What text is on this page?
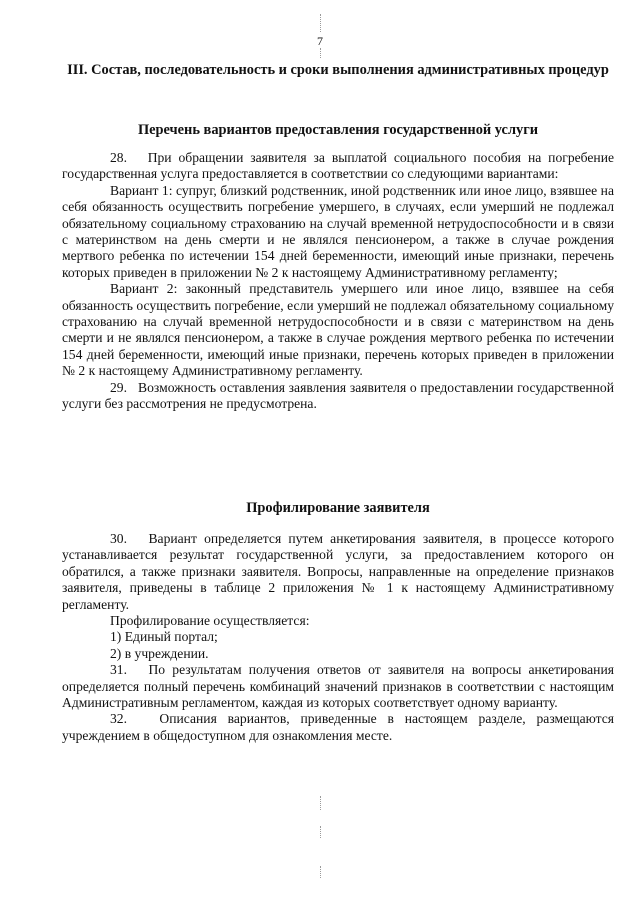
7
III. Состав, последовательность и сроки выполнения административных процедур
Перечень вариантов предоставления государственной услуги

28.   При обращении заявителя за выплатой социального пособия на погребение государственная услуга предоставляется в соответствии со следующими вариантами:

Вариант 1: супруг, близкий родственник, иной родственник или иное лицо, взявшее на себя обязанность осуществить погребение умершего, в случаях, если умерший не подлежал обязательному социальному страхованию на случай временной нетрудоспособности и в связи с материнством на день смерти и не являлся пенсионером, а также в случае рождения мертвого ребенка по истечении 154 дней беременности, имеющий иные признаки, перечень которых приведен в приложении № 2 к настоящему Административному регламенту;

Вариант 2: законный представитель умершего или иное лицо, взявшее на себя обязанность осуществить погребение, если умерший не подлежал обязательному социальному страхованию на случай временной нетрудоспособности и в связи с материнством на день смерти и не являлся пенсионером, а также в случае рождения мертвого ребенка по истечении 154 дней беременности, имеющий иные признаки, перечень которых приведен в приложении № 2 к настоящему Административному регламенту.

29.   Возможность оставления заявления заявителя о предоставлении государственной услуги без рассмотрения не предусмотрена.

Профилирование заявителя

30.   Вариант определяется путем анкетирования заявителя, в процессе которого устанавливается результат государственной услуги, за предоставлением которого он обратился, а также признаки заявителя. Вопросы, направленные на определение признаков заявителя, приведены в таблице 2 приложения № 1 к настоящему Административному регламенту.

Профилирование осуществляется:

1) Единый портал;

2) в учреждении.

31.   По результатам получения ответов от заявителя на вопросы анкетирования определяется полный перечень комбинаций значений признаков в соответствии с настоящим Административным регламентом, каждая из которых соответствует одному варианту.

32.   Описания вариантов, приведенные в настоящем разделе, размещаются учреждением в общедоступном для ознакомления месте.
